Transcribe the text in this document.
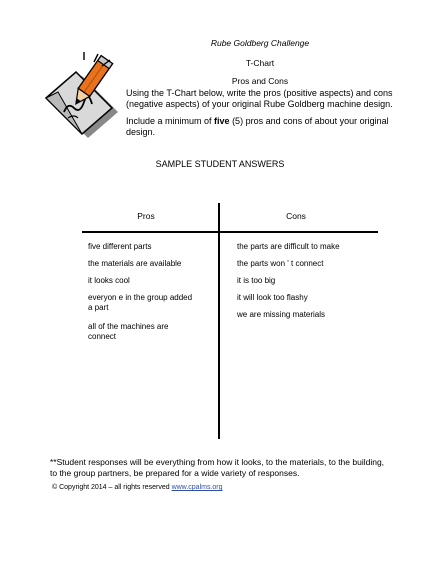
Rube Goldberg Challenge
T-Chart
Pros and Cons
Using the T-Chart below, write the pros (positive aspects) and cons
(negative aspects) of your original Rube Goldberg machine design.
Include a minimum of five (5) pros and cons of about your original
design.
SAMPLE STUDENT ANSWERS
Pros	Cons
five different parts
the materials are available
it looks cool
everyon e in the group added
a part
all of the machines are
connect
the parts are difficult to make
the parts won ' t connect
it is too big
it will look too flashy
we are missing materials
**Student responses will be everything from how it looks, to the materials, to the building,
to the group partners, be prepared for a wide variety of responses.
© Copyright 2014 – all rights reserved www.cpalms.org
